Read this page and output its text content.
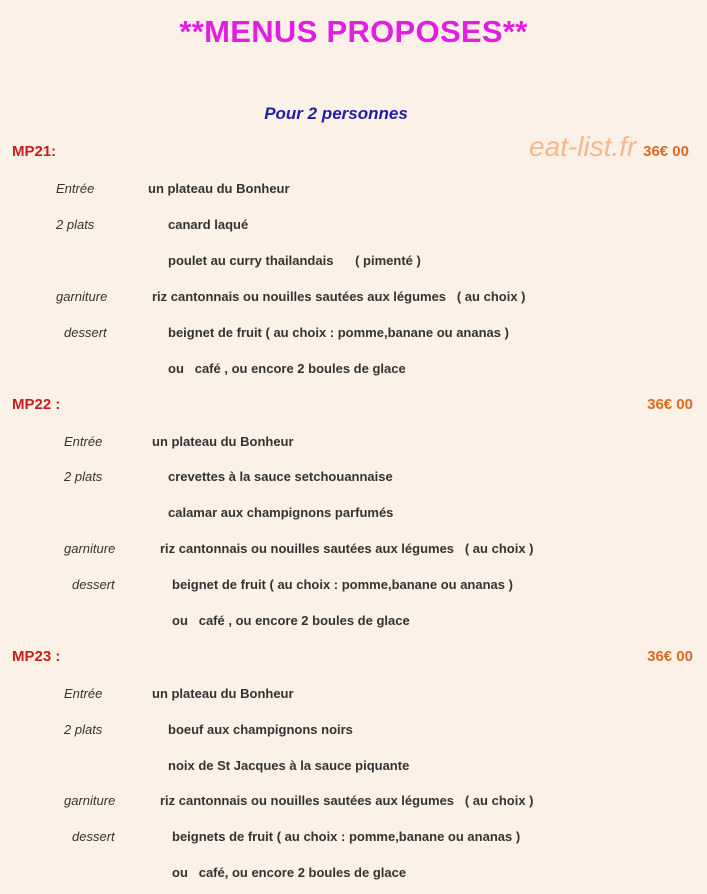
**MENUS PROPOSES**
Pour 2 personnes
eat-list.fr
MP21:	36€ 00
Entrée	un plateau du Bonheur
2 plats	canard laqué
poulet au curry thailandais      ( pimenté )
garniture	riz cantonnais ou nouilles sautées aux légumes   ( au choix )
dessert	beignet de fruit ( au choix : pomme,banane ou ananas )
ou   café , ou encore 2 boules de glace
MP22 :	36€ 00
Entrée	un plateau du Bonheur
2 plats	crevettes à la sauce setchouannaise
calamar aux champignons parfumés
garniture	riz cantonnais ou nouilles sautées aux légumes   ( au choix )
dessert	beignet de fruit ( au choix : pomme,banane ou ananas )
ou   café , ou encore 2 boules de glace
MP23 :	36€ 00
Entrée	un plateau du Bonheur
2 plats	boeuf aux champignons noirs
noix de St Jacques à la sauce piquante
garniture	riz cantonnais ou nouilles sautées aux légumes   ( au choix )
dessert	beignets de fruit ( au choix : pomme,banane ou ananas )
ou   café, ou encore 2 boules de glace
